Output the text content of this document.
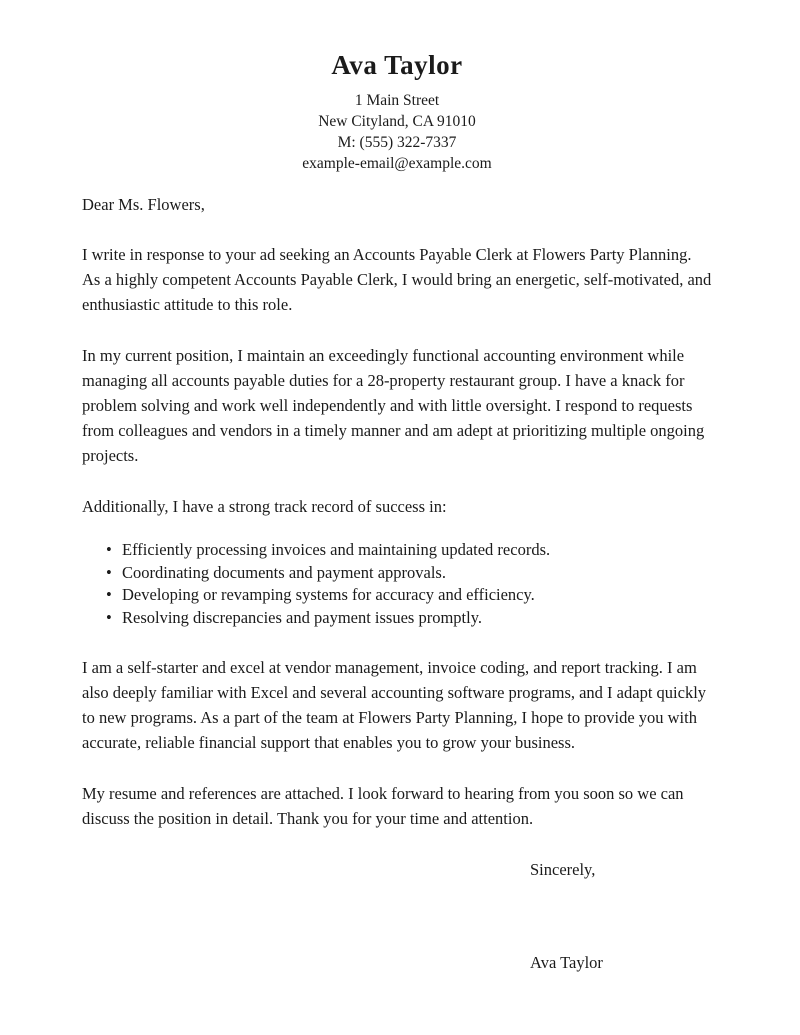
Ava Taylor
1 Main Street
New Cityland, CA 91010
M: (555) 322-7337
example-email@example.com

Dear Ms. Flowers,

I write in response to your ad seeking an Accounts Payable Clerk at Flowers Party Planning. As a highly competent Accounts Payable Clerk, I would bring an energetic, self-motivated, and enthusiastic attitude to this role.

In my current position, I maintain an exceedingly functional accounting environment while managing all accounts payable duties for a 28-property restaurant group. I have a knack for problem solving and work well independently and with little oversight. I respond to requests from colleagues and vendors in a timely manner and am adept at prioritizing multiple ongoing projects.

Additionally, I have a strong track record of success in:

• Efficiently processing invoices and maintaining updated records.
• Coordinating documents and payment approvals.
• Developing or revamping systems for accuracy and efficiency.
• Resolving discrepancies and payment issues promptly.

I am a self-starter and excel at vendor management, invoice coding, and report tracking. I am also deeply familiar with Excel and several accounting software programs, and I adapt quickly to new programs. As a part of the team at Flowers Party Planning, I hope to provide you with accurate, reliable financial support that enables you to grow your business.

My resume and references are attached. I look forward to hearing from you soon so we can discuss the position in detail. Thank you for your time and attention.

Sincerely,

Ava Taylor
